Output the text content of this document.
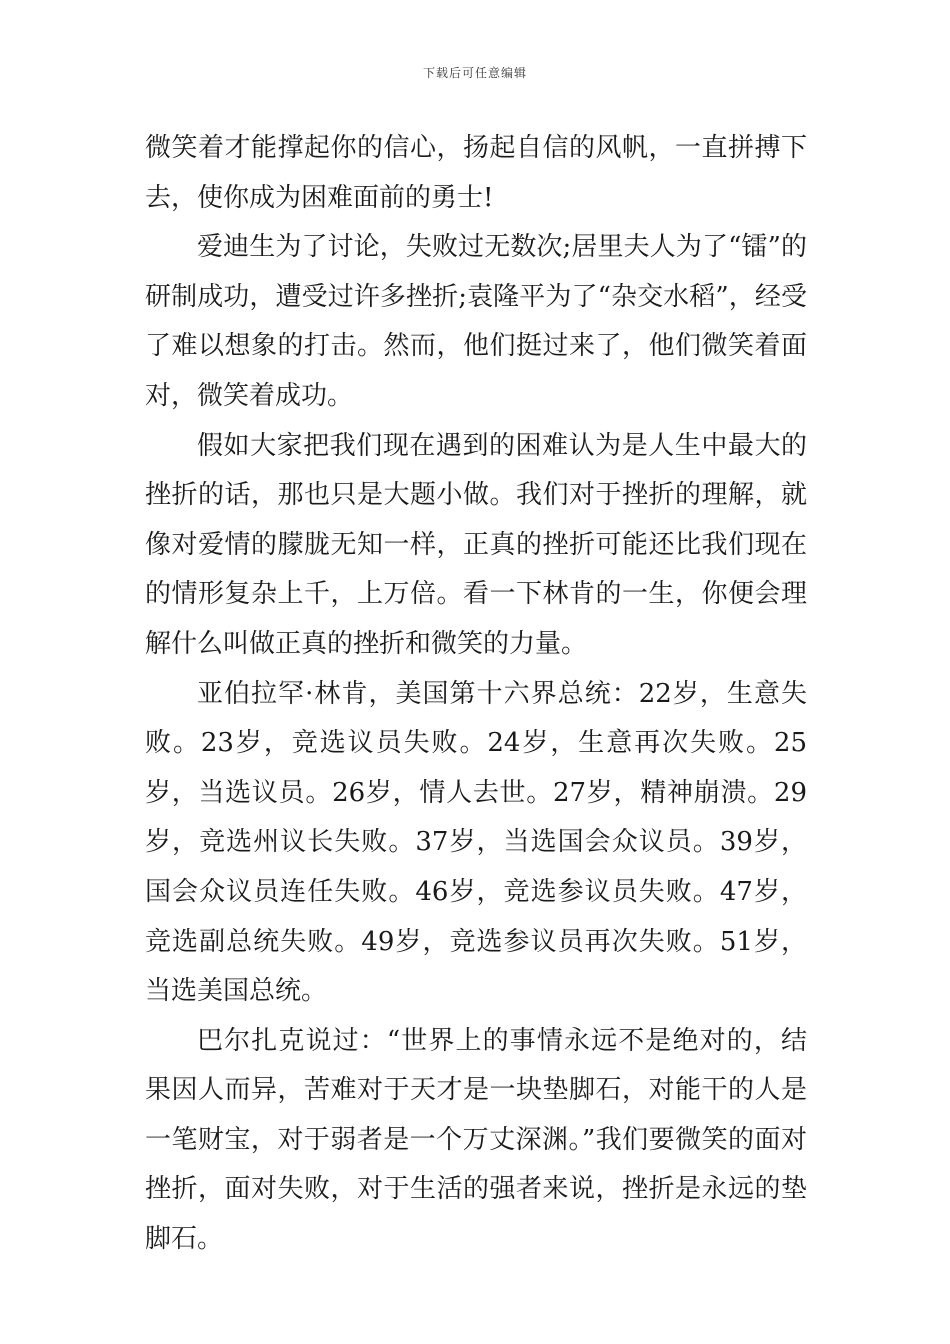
下载后可任意编辑

微笑着才能撑起你的信心，扬起自信的风帆，一直拼搏下去，使你成为困难面前的勇士!

爱迪生为了讨论，失败过无数次;居里夫人为了“镭”的研制成功，遭受过许多挫折;袁隆平为了“杂交水稻”，经受了难以想象的打击。然而，他们挺过来了，他们微笑着面对，微笑着成功。

假如大家把我们现在遇到的困难认为是人生中最大的挫折的话，那也只是大题小做。我们对于挫折的理解，就像对爱情的朦胧无知一样，正真的挫折可能还比我们现在的情形复杂上千，上万倍。看一下林肯的一生，你便会理解什么叫做正真的挫折和微笑的力量。

亚伯拉罕·林肯，美国第十六界总统：22岁，生意失败。23岁，竞选议员失败。24岁，生意再次失败。25岁，当选议员。26岁，情人去世。27岁，精神崩溃。29岁，竞选州议长失败。37岁，当选国会众议员。39岁，国会众议员连任失败。46岁，竞选参议员失败。47岁，竞选副总统失败。49岁，竞选参议员再次失败。51岁，当选美国总统。

巴尔扎克说过：“世界上的事情永远不是绝对的，结果因人而异，苦难对于天才是一块垫脚石，对能干的人是一笔财宝，对于弱者是一个万丈深渊。”我们要微笑的面对挫折，面对失败，对于生活的强者来说，挫折是永远的垫脚石。
